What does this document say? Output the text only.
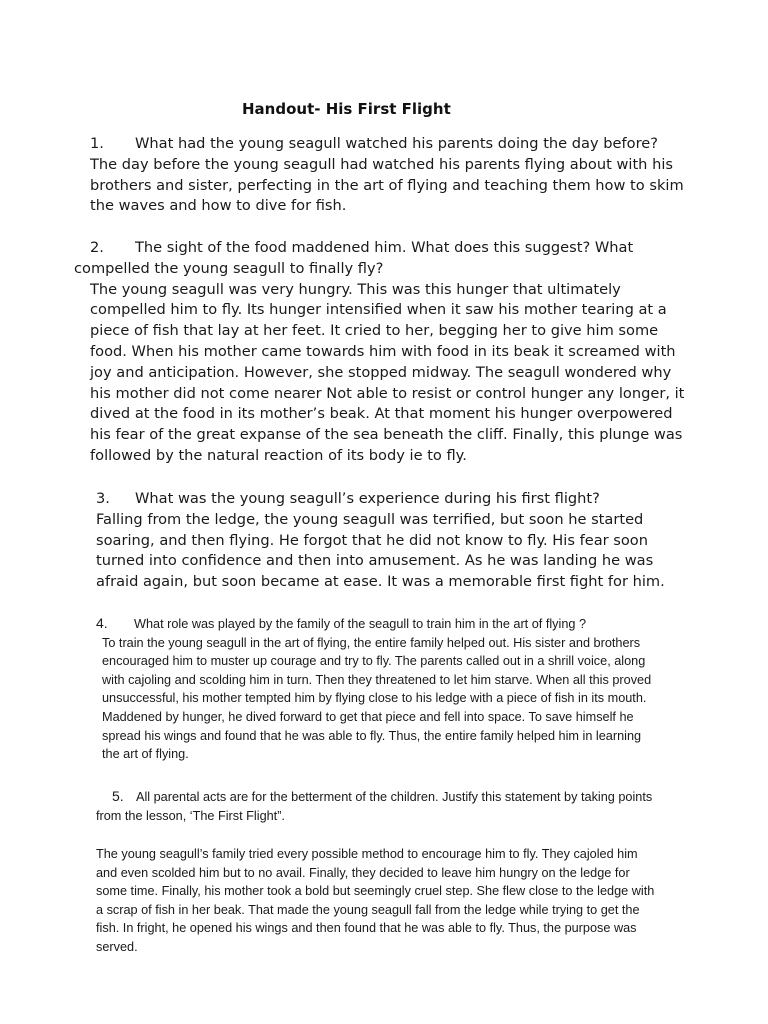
Handout- His First Flight
1. What had the young seagull watched his parents doing the day before?
The day before the young seagull had watched his parents flying about with his
brothers and sister, perfecting in the art of flying and teaching them how to skim
the waves and how to dive for fish.
2. The sight of the food maddened him. What does this suggest? What
compelled the young seagull to finally fly?
The young seagull was very hungry. This was this hunger that ultimately
compelled him to fly. Its hunger intensified when it saw his mother tearing at a
piece of fish that lay at her feet. It cried to her, begging her to give him some
food. When his mother came towards him with food in its beak it screamed with
joy and anticipation. However, she stopped midway. The seagull wondered why
his mother did not come nearer Not able to resist or control hunger any longer, it
dived at the food in its mother’s beak. At that moment his hunger overpowered
his fear of the great expanse of the sea beneath the cliff. Finally, this plunge was
followed by the natural reaction of its body ie to fly.
3. What was the young seagull’s experience during his first flight?
Falling from the ledge, the young seagull was terrified, but soon he started
soaring, and then flying. He forgot that he did not know to fly. His fear soon
turned into confidence and then into amusement. As he was landing he was
afraid again, but soon became at ease. It was a memorable first fight for him.
4. What role was played by the family of the seagull to train him in the art of flying ?
To train the young seagull in the art of flying, the entire family helped out. His sister and brothers
encouraged him to muster up courage and try to fly. The parents called out in a shrill voice, along
with cajoling and scolding him in turn. Then they threatened to let him starve. When all this proved
unsuccessful, his mother tempted him by flying close to his ledge with a piece of fish in its mouth.
Maddened by hunger, he dived forward to get that piece and fell into space. To save himself he
spread his wings and found that he was able to fly. Thus, the entire family helped him in learning
the art of flying.
5. All parental acts are for the betterment of the children. Justify this statement by taking points
from the lesson, ‘The First Flight”.
The young seagull’s family tried every possible method to encourage him to fly. They cajoled him
and even scolded him but to no avail. Finally, they decided to leave him hungry on the ledge for
some time. Finally, his mother took a bold but seemingly cruel step. She flew close to the ledge with
a scrap of fish in her beak. That made the young seagull fall from the ledge while trying to get the
fish. In fright, he opened his wings and then found that he was able to fly. Thus, the purpose was
served.
